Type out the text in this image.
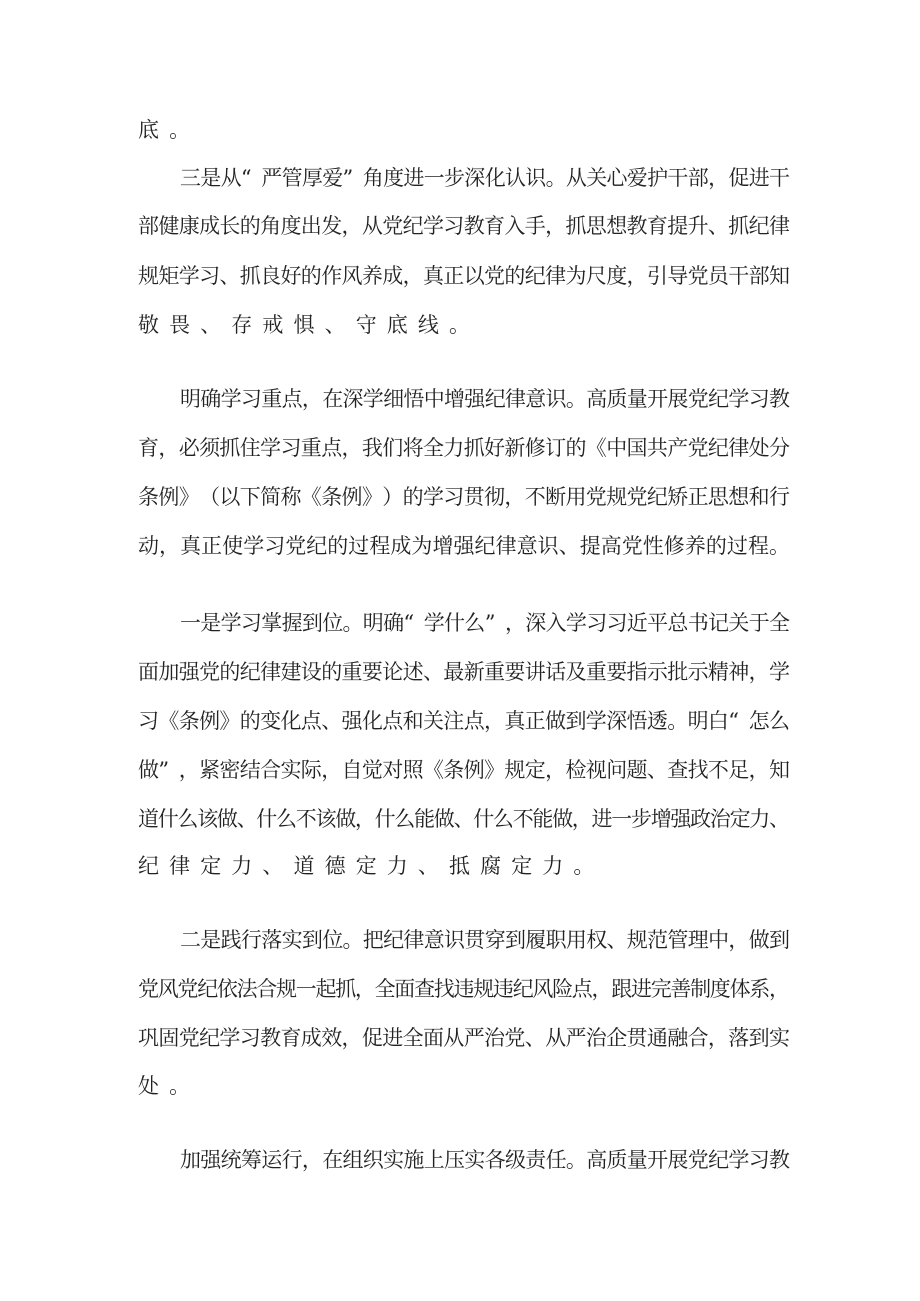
底 。
三 是 从 “ 严 管 厚 爱 ” 角 度 进 一 步 深 化 认 识 。 从 关 心 爱 护 干 部 ， 促 进 干
部 健 康 成 长 的 角 度 出 发 ， 从 党 纪 学 习 教 育 入 手 ， 抓 思 想 教 育 提 升 、 抓 纪 律
规 矩 学 习 、 抓 良 好 的 作 风 养 成 ， 真 正 以 党 的 纪 律 为 尺 度 ， 引 导 党 员 干 部 知
敬 畏 、 存 戒 惧 、 守 底 线 。
明 确 学 习 重 点 ， 在 深 学 细 悟 中 增 强 纪 律 意 识 。 高 质 量 开 展 党 纪 学 习 教
育 ， 必 须 抓 住 学 习 重 点 ， 我 们 将 全 力 抓 好 新 修 订 的 《 中 国 共 产 党 纪 律 处 分
条 例 》 （ 以 下 简 称 《 条 例 》 ） 的 学 习 贯 彻 ， 不 断 用 党 规 党 纪 矫 正 思 想 和 行
动 ， 真 正 使 学 习 党 纪 的 过 程 成 为 增 强 纪 律 意 识 、 提 高 党 性 修 养 的 过 程 。
一 是 学 习 掌 握 到 位 。 明 确 “ 学 什 么 ” ， 深 入 学 习 习 近 平 总 书 记 关 于 全
面 加 强 党 的 纪 律 建 设 的 重 要 论 述 、 最 新 重 要 讲 话 及 重 要 指 示 批 示 精 神 ， 学
习 《 条 例 》 的 变 化 点 、 强 化 点 和 关 注 点 ， 真 正 做 到 学 深 悟 透 。 明 白 “ 怎 么
做 ” ， 紧 密 结 合 实 际 ， 自 觉 对 照 《 条 例 》 规 定 ， 检 视 问 题 、 查 找 不 足 ， 知
道
什
么
该
做
、
什
么
不
该
做
，
什
么
能
做
、
什
么
不
能
做
，
进
一
步
增
强
政
治
定
力
、
纪 律 定 力 、 道 德 定 力 、 抵 腐 定 力 。
二 是 践 行 落 实 到 位 。 把 纪 律 意 识 贯 穿 到 履 职 用 权 、 规 范 管 理 中 ， 做 到
党
风
党
纪
依
法
合
规
一
起
抓
，
全
面
查
找
违
规
违
纪
风
险
点
，
跟
进
完
善
制
度
体
系
，
巩 固 党 纪 学 习 教 育 成 效 ， 促 进 全 面 从 严 治 党 、 从 严 治 企 贯 通 融 合 ， 落 到 实
处 。
加 强 统 筹 运 行 ， 在 组 织 实 施 上 压 实 各 级 责 任 。 高 质 量 开 展 党 纪 学 习 教
